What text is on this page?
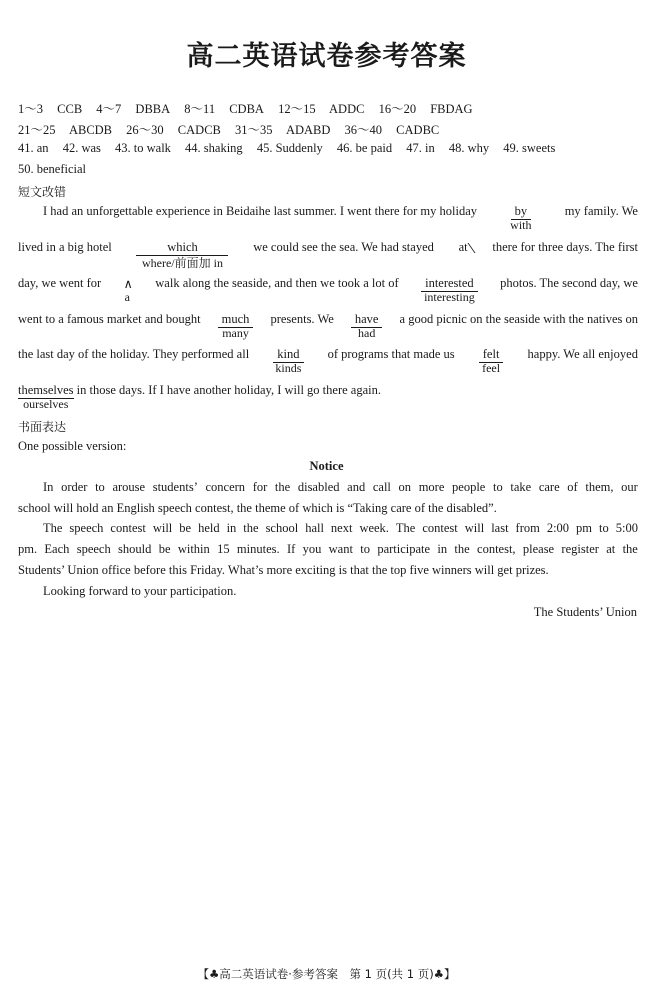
高二英语试卷参考答案
1～3 CCB 4～7 DBBA 8～11 CDBA 12～15 ADDC 16～20 FBDAG
21～25 ABCDB 26～30 CADCB 31～35 ADABD 36～40 CADBC
41. an 42. was 43. to walk 44. shaking 45. Suddenly 46. be paid 47. in 48. why 49. sweets
50. beneficial
短文改错
I had an unforgettable experience in Beidaihe last summer. I went there for my holiday	by
with
my family. We
lived in a big hotel	which
where/前面加 in
we could see the sea. We had stayed at there for three days. The first
day, we went for ∧
a
walk along the seaside, and then we took a lot of	interested
interesting
photos. The second day, we
went to a famous market and bought	much
many
presents. We	have
had
a good picnic on the seaside with the natives on
the last day of the holiday. They performed all	kind
kinds
of programs that made us	felt
feel
happy. We all enjoyed
themselves
ourselves
in those days. If I have another holiday, I will go there again.
书面表达
One possible version:
Notice
In order to arouse students’ concern for the disabled and call on more people to take care of them, our
school will hold an English speech contest, the theme of which is “Taking care of the disabled”.
The speech contest will be held in the school hall next week. The contest will last from 2:00 pm to 5:00
pm. Each speech should be within 15 minutes. If you want to participate in the contest, please register at the
Students’ Union office before this Friday. What’s more exciting is that the top five winners will get prizes.
Looking forward to your participation.
The Students’ Union
【♣高二英语试卷·参考答案　第 1 页(共 1 页)♣】
